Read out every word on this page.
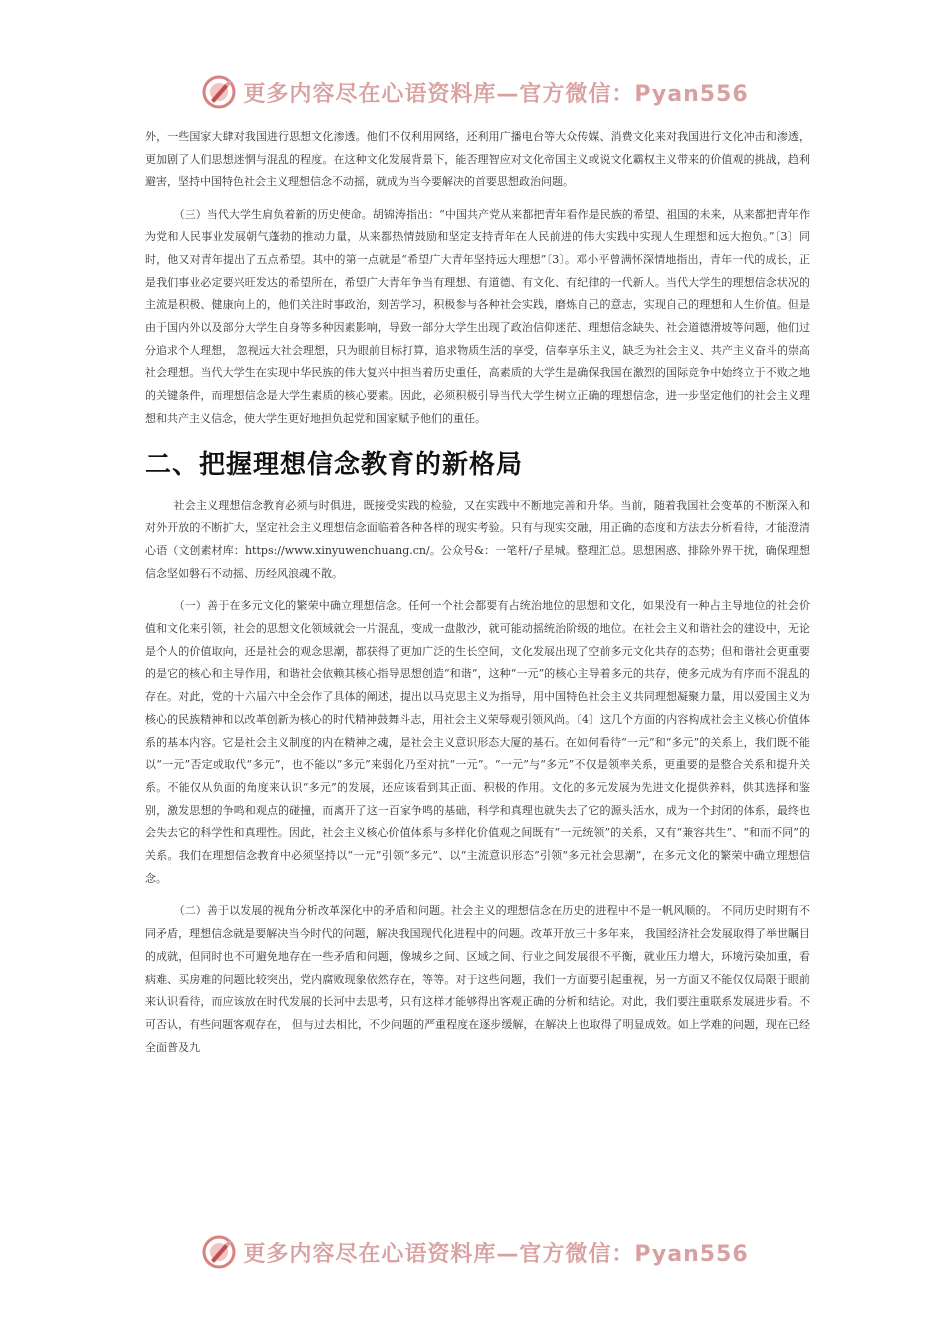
更多内容尽在心语资料库—官方微信：Pyan556

外，一些国家大肆对我国进行思想文化渗透。他们不仅利用网络，还利用广播电台等大众传媒、消费文化来对我国进行文化冲击和渗透，更加剧了人们思想迷惘与混乱的程度。在这种文化发展背景下，能否理智应对文化帝国主义或说文化霸权主义带来的价值观的挑战，趋利避害，坚持中国特色社会主义理想信念不动摇，就成为当今要解决的首要思想政治问题。

（三）当代大学生肩负着新的历史使命。胡锦涛指出：“中国共产党从来都把青年看作是民族的希望、祖国的未来，从来都把青年作为党和人民事业发展朝气蓬勃的推动力量，从来都热情鼓励和坚定支持青年在人民前进的伟大实践中实现人生理想和远大抱负。”〔3〕同时，他又对青年提出了五点希望。其中的第一点就是“希望广大青年坚持远大理想”〔3〕。邓小平曾满怀深情地指出，青年一代的成长，正是我们事业必定要兴旺发达的希望所在，希望广大青年争当有理想、有道德、有文化、有纪律的一代新人。当代大学生的理想信念状况的主流是积极、健康向上的，他们关注时事政治，刻苦学习，积极参与各种社会实践，磨炼自己的意志，实现自己的理想和人生价值。但是由于国内外以及部分大学生自身等多种因素影响，导致一部分大学生出现了政治信仰迷茫、理想信念缺失、社会道德滑坡等问题，他们过分追求个人理想， 忽视远大社会理想，只为眼前目标打算，追求物质生活的享受，信奉享乐主义，缺乏为社会主义、共产主义奋斗的崇高社会理想。当代大学生在实现中华民族的伟大复兴中担当着历史重任，高素质的大学生是确保我国在激烈的国际竞争中始终立于不败之地的关键条件，而理想信念是大学生素质的核心要素。因此，必须积极引导当代大学生树立正确的理想信念，进一步坚定他们的社会主义理想和共产主义信念，使大学生更好地担负起党和国家赋予他们的重任。

二、把握理想信念教育的新格局

社会主义理想信念教育必须与时俱进，既接受实践的检验，又在实践中不断地完善和升华。当前，随着我国社会变革的不断深入和对外开放的不断扩大，坚定社会主义理想信念面临着各种各样的现实考验。只有与现实交融，用正确的态度和方法去分析看待，才能澄清心语（文创素材库：https://www.xinyuwenchuang.cn/。公众号&：一笔杆/子星城。整理汇总。思想困惑、排除外界干扰，确保理想信念坚如磐石不动摇、历经风浪魂不散。

（一）善于在多元文化的繁荣中确立理想信念。任何一个社会都要有占统治地位的思想和文化，如果没有一种占主导地位的社会价值和文化来引领，社会的思想文化领域就会一片混乱，变成一盘散沙，就可能动摇统治阶级的地位。在社会主义和谐社会的建设中，无论是个人的价值取向，还是社会的观念思潮，都获得了更加广泛的生长空间，文化发展出现了空前多元文化共存的态势；但和谐社会更重要的是它的核心和主导作用，和谐社会依赖其核心指导思想创造“和谐”，这种“一元”的核心主导着多元的共存，使多元成为有序而不混乱的存在。对此，党的十六届六中全会作了具体的阐述，提出以马克思主义为指导，用中国特色社会主义共同理想凝聚力量，用以爱国主义为核心的民族精神和以改革创新为核心的时代精神鼓舞斗志，用社会主义荣辱观引领风尚。〔4〕这几个方面的内容构成社会主义核心价值体系的基本内容。它是社会主义制度的内在精神之魂，是社会主义意识形态大厦的基石。在如何看待“一元”和“多元”的关系上，我们既不能以“一元”否定或取代“多元”，也不能以“多元”来弱化乃至对抗“一元”。“一元”与“多元”不仅是领率关系，更重要的是整合关系和提升关系。不能仅从负面的角度来认识“多元”的发展，还应该看到其正面、积极的作用。文化的多元发展为先进文化提供养料，供其选择和鉴别，激发思想的争鸣和观点的碰撞，而离开了这一百家争鸣的基础，科学和真理也就失去了它的源头活水，成为一个封闭的体系，最终也会失去它的科学性和真理性。因此，社会主义核心价值体系与多样化价值观之间既有“一元统领”的关系，又有“兼容共生”、“和而不同”的关系。我们在理想信念教育中必须坚持以“一元”引领“多元”、以“主流意识形态”引领“多元社会思潮”，在多元文化的繁荣中确立理想信念。

（二）善于以发展的视角分析改革深化中的矛盾和问题。社会主义的理想信念在历史的进程中不是一帆风顺的。 不同历史时期有不同矛盾，理想信念就是要解决当今时代的问题，解决我国现代化进程中的问题。改革开放三十多年来， 我国经济社会发展取得了举世瞩目的成就，但同时也不可避免地存在一些矛盾和问题，像城乡之间、区域之间、行业之间发展很不平衡，就业压力增大，环境污染加重，看病难、买房难的问题比较突出，党内腐败现象依然存在，等等。对于这些问题，我们一方面要引起重视，另一方面又不能仅仅局限于眼前来认识看待，而应该放在时代发展的长河中去思考，只有这样才能够得出客观正确的分析和结论。对此，我们要注重联系发展进步看。不可否认，有些问题客观存在， 但与过去相比，不少问题的严重程度在逐步缓解，在解决上也取得了明显成效。如上学难的问题，现在已经全面普及九

更多内容尽在心语资料库—官方微信：Pyan556
